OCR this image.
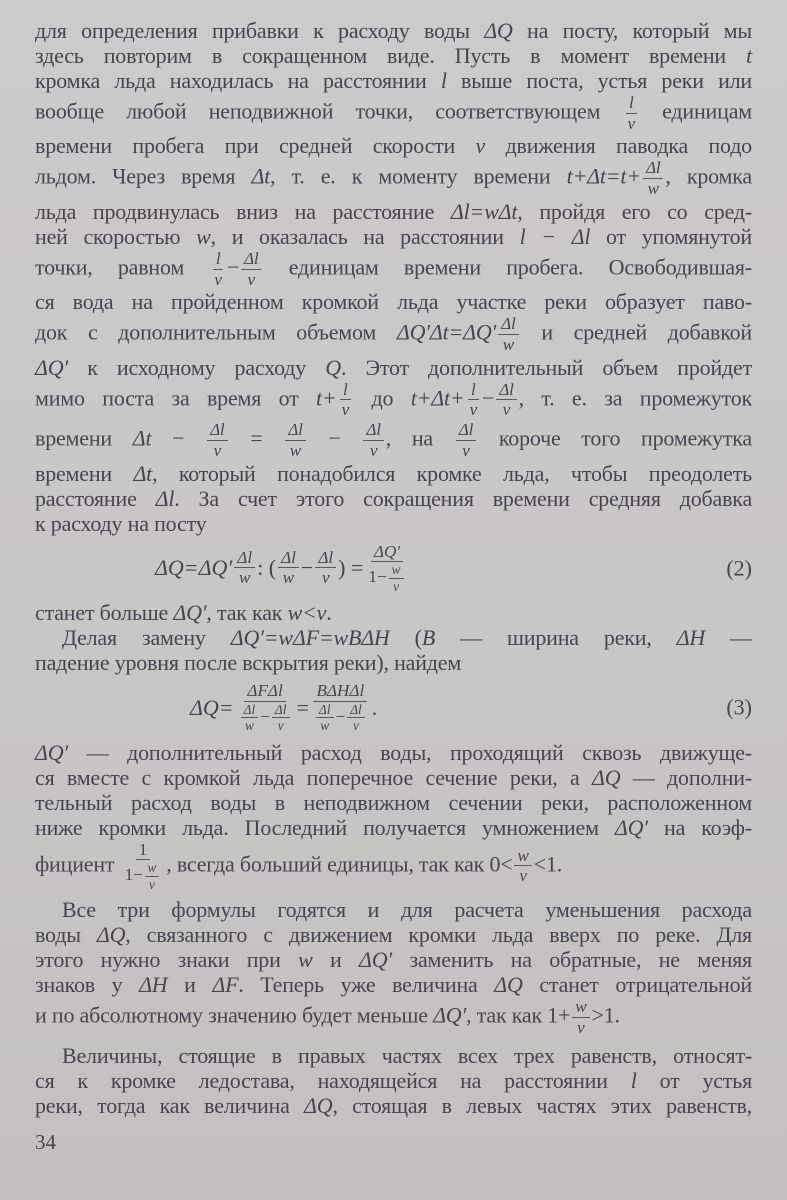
для определения прибавки к расходу воды ΔQ на посту, который мы
здесь повторим в сокращенном виде. Пусть в момент времени t
кромка льда находилась на расстоянии l выше поста, устья реки или
вообще любой неподвижной точки, соответствующем $\frac{l}{v}$ единицам
времени пробега при средней скорости v движения паводка подо
льдом. Через время Δt, т. е. к моменту времени $t+\Delta t=t+ \frac{\Delta l}{w}$ , кромка
льда продвинулась вниз на расстояние Δl=wΔt, пройдя его со сред-
ней скоростью w, и оказалась на расстоянии l − Δl от упомянутой
точки, равном $\frac{l}{v} - \frac{\Delta l}{v}$ единицам времени пробега. Освободившая-
ся вода на пройденном кромкой льда участке реки образует паво-
док с дополнительным объемом $\Delta Q'\Delta t=\Delta Q' \frac{\Delta l}{w}$ и средней добавкой
ΔQ′ к исходному расходу Q. Этот дополнительный объем пройдет
мимо поста за время от $t+ \frac{l}{v}$ до $t+\Delta t+ \frac{l}{v} - \frac{\Delta l}{v}$ , т. е. за промежуток
времени $\Delta t - \frac{\Delta l}{v} = \frac{\Delta l}{w} - \frac{\Delta l}{v}$ , на $\frac{\Delta l}{v}$ короче того промежутка
времени Δt, который понадобился кромке льда, чтобы преодолеть
расстояние Δl. За счет этого сокращения времени средняя добавка
к расходу на посту
$\Delta Q=\Delta Q' \frac{\Delta l}{w}$ : ( $\frac{\Delta l}{w} - \frac{\Delta l}{v}$ ) = $\frac{\Delta Q'}{1- \frac{w}{v}}$	(2)
станет больше ΔQ′, так как w<v.
Делая замену ΔQ′=wΔF=wBΔH (B — ширина реки, ΔH —
падение уровня после вскрытия реки), найдем
$\Delta Q= \frac{\text{ΔFΔl}}{\frac{\Delta l}{w} - \frac{\Delta l}{v}} = \frac{\text{BΔHΔl}}{\frac{\Delta l}{w} - \frac{\Delta l}{v}}$ .	(3)
ΔQ′ — дополнительный расход воды, проходящий сквозь движуще-
ся вместе с кромкой льда поперечное сечение реки, а ΔQ — дополни-
тельный расход воды в неподвижном сечении реки, расположенном
ниже кромки льда. Последний получается умножением ΔQ′ на коэф-
фициент $\frac{1}{1- \frac{w}{v}}$ , всегда больший единицы, так как $0< \frac{w}{v} <1$.
Все три формулы годятся и для расчета уменьшения расхода
воды ΔQ, связанного с движением кромки льда вверх по реке. Для
этого нужно знаки при w и ΔQ′ заменить на обратные, не меняя
знаков у ΔH и ΔF. Теперь уже величина ΔQ станет отрицательной
и по абсолютному значению будет меньше ΔQ′, так как $1+ \frac{w}{v} >1$.
Величины, стоящие в правых частях всех трех равенств, относят-
ся к кромке ледостава, находящейся на расстоянии l от устья
реки, тогда как величина ΔQ, стоящая в левых частях этих равенств,
34
